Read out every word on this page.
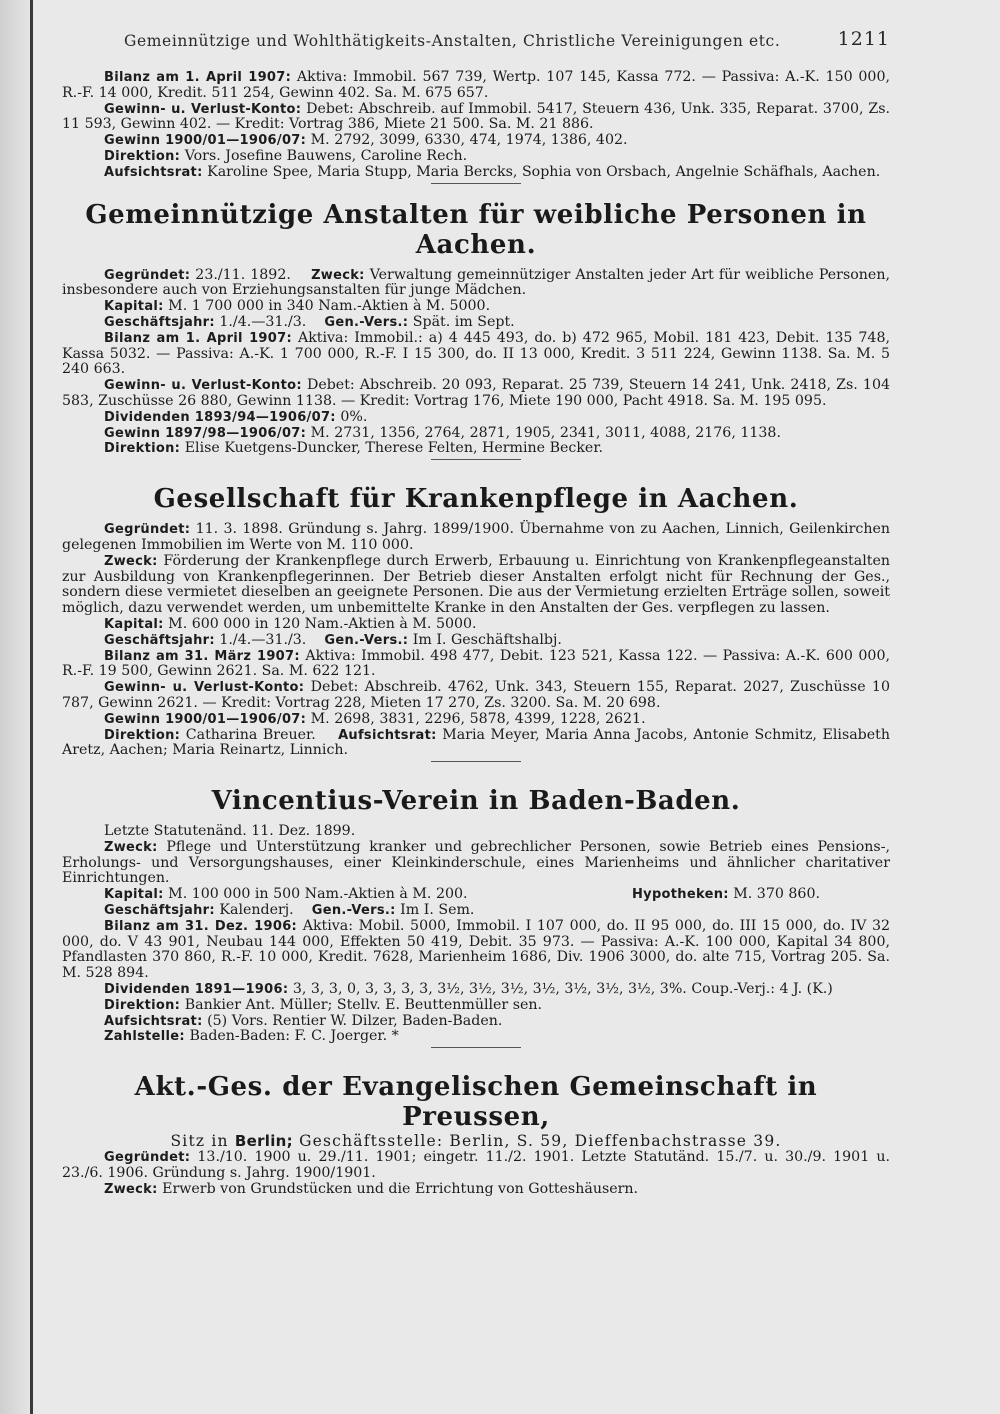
Gemeinnützige und Wohlthätigkeits-Anstalten, Christliche Vereinigungen etc.	1211

Bilanz am 1. April 1907: Aktiva: Immobil. 567 739, Wertp. 107 145, Kassa 772. — Passiva: A.-K. 150 000, R.-F. 14 000, Kredit. 511 254, Gewinn 402. Sa. M. 675 657.

Gewinn- u. Verlust-Konto: Debet: Abschreib. auf Immobil. 5417, Steuern 436, Unk. 335, Reparat. 3700, Zs. 11 593, Gewinn 402. — Kredit: Vortrag 386, Miete 21 500. Sa. M. 21 886.

Gewinn 1900/01—1906/07: M. 2792, 3099, 6330, 474, 1974, 1386, 402.

Direktion: Vors. Josefine Bauwens, Caroline Rech.

Aufsichtsrat: Karoline Spee, Maria Stupp, Maria Bercks, Sophia von Orsbach, Angelnie Schäfhals, Aachen.

Gemeinnützige Anstalten für weibliche Personen in Aachen.

Gegründet: 23./11. 1892. Zweck: Verwaltung gemeinnütziger Anstalten jeder Art für weibliche Personen, insbesondere auch von Erziehungsanstalten für junge Mädchen.

Kapital: M. 1 700 000 in 340 Nam.-Aktien à M. 5000.

Geschäftsjahr: 1./4.—31./3. Gen.-Vers.: Spät. im Sept.

Bilanz am 1. April 1907: Aktiva: Immobil.: a) 4 445 493, do. b) 472 965, Mobil. 181 423, Debit. 135 748, Kassa 5032. — Passiva: A.-K. 1 700 000, R.-F. I 15 300, do. II 13 000, Kredit. 3 511 224, Gewinn 1138. Sa. M. 5 240 663.

Gewinn- u. Verlust-Konto: Debet: Abschreib. 20 093, Reparat. 25 739, Steuern 14 241, Unk. 2418, Zs. 104 583, Zuschüsse 26 880, Gewinn 1138. — Kredit: Vortrag 176, Miete 190 000, Pacht 4918. Sa. M. 195 095.

Dividenden 1893/94—1906/07: 0%.

Gewinn 1897/98—1906/07: M. 2731, 1356, 2764, 2871, 1905, 2341, 3011, 4088, 2176, 1138.

Direktion: Elise Kuetgens-Duncker, Therese Felten, Hermine Becker.

Gesellschaft für Krankenpflege in Aachen.

Gegründet: 11. 3. 1898. Gründung s. Jahrg. 1899/1900. Übernahme von zu Aachen, Linnich, Geilenkirchen gelegenen Immobilien im Werte von M. 110 000.

Zweck: Förderung der Krankenpflege durch Erwerb, Erbauung u. Einrichtung von Krankenpflegeanstalten zur Ausbildung von Krankenpflegerinnen. Der Betrieb dieser Anstalten erfolgt nicht für Rechnung der Ges., sondern diese vermietet dieselben an geeignete Personen. Die aus der Vermietung erzielten Erträge sollen, soweit möglich, dazu verwendet werden, um unbemittelte Kranke in den Anstalten der Ges. verpflegen zu lassen.

Kapital: M. 600 000 in 120 Nam.-Aktien à M. 5000.

Geschäftsjahr: 1./4.—31./3. Gen.-Vers.: Im I. Geschäftshalbj.

Bilanz am 31. März 1907: Aktiva: Immobil. 498 477, Debit. 123 521, Kassa 122. — Passiva: A.-K. 600 000, R.-F. 19 500, Gewinn 2621. Sa. M. 622 121.

Gewinn- u. Verlust-Konto: Debet: Abschreib. 4762, Unk. 343, Steuern 155, Reparat. 2027, Zuschüsse 10 787, Gewinn 2621. — Kredit: Vortrag 228, Mieten 17 270, Zs. 3200. Sa. M. 20 698.

Gewinn 1900/01—1906/07: M. 2698, 3831, 2296, 5878, 4399, 1228, 2621.

Direktion: Catharina Breuer. Aufsichtsrat: Maria Meyer, Maria Anna Jacobs, Antonie Schmitz, Elisabeth Aretz, Aachen; Maria Reinartz, Linnich.

Vincentius-Verein in Baden-Baden.

Letzte Statutenänd. 11. Dez. 1899.

Zweck: Pflege und Unterstützung kranker und gebrechlicher Personen, sowie Betrieb eines Pensions-, Erholungs- und Versorgungshauses, einer Kleinkinderschule, eines Marienheims und ähnlicher charitativer Einrichtungen.

Kapital: M. 100 000 in 500 Nam.-Aktien à M. 200.	Hypotheken: M. 370 860.

Geschäftsjahr: Kalenderj. Gen.-Vers.: Im I. Sem.

Bilanz am 31. Dez. 1906: Aktiva: Mobil. 5000, Immobil. I 107 000, do. II 95 000, do. III 15 000, do. IV 32 000, do. V 43 901, Neubau 144 000, Effekten 50 419, Debit. 35 973. — Passiva: A.-K. 100 000, Kapital 34 800, Pfandlasten 370 860, R.-F. 10 000, Kredit. 7628, Marienheim 1686, Div. 1906 3000, do. alte 715, Vortrag 205. Sa. M. 528 894.

Dividenden 1891—1906: 3, 3, 3, 0, 3, 3, 3, 3, 3½, 3½, 3½, 3½, 3½, 3½, 3½, 3%. Coup.-Verj.: 4 J. (K.)

Direktion: Bankier Ant. Müller; Stellv. E. Beuttenmüller sen.

Aufsichtsrat: (5) Vors. Rentier W. Dilzer, Baden-Baden.

Zahlstelle: Baden-Baden: F. C. Joerger. *

Akt.-Ges. der Evangelischen Gemeinschaft in Preussen,
Sitz in Berlin; Geschäftsstelle: Berlin, S. 59, Dieffenbachstrasse 39.

Gegründet: 13./10. 1900 u. 29./11. 1901; eingetr. 11./2. 1901. Letzte Statutänd. 15./7. u. 30./9. 1901 u. 23./6. 1906. Gründung s. Jahrg. 1900/1901.

Zweck: Erwerb von Grundstücken und die Errichtung von Gotteshäusern.
